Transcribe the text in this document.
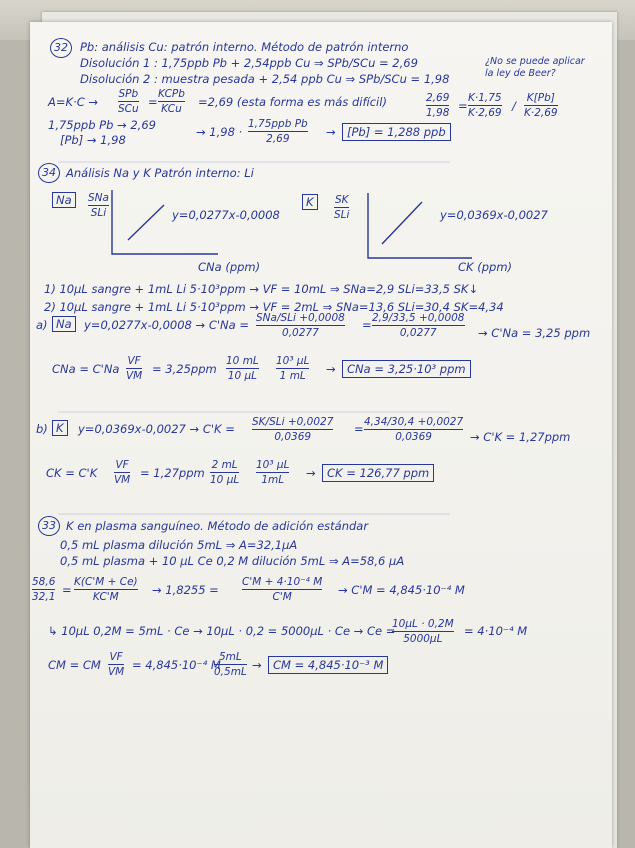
32	Pb: análisis Cu: patrón interno. Método de patrón interno
¿No se puede aplicar la ley de Beer?
Disolución 1 : 1,75ppb Pb + 2,54ppb Cu ⇒ SPb/SCu = 2,69
Disolución 2 : muestra pesada + 2,54 ppb Cu ⇒ SPb/SCu = 1,98
A=K·C →
SPb
SCu =
KCPb
KCu =2,69 (esta forma es más difícil)	2,69
1,98 =
K·1,75
K·2,69 /
K[Pb]
K·2,69
1,75ppb Pb → 2,69
[Pb] → 1,98
→ 1,98 ·
1,75ppb Pb
2,69	→ [Pb] = 1,288 ppb
34 Análisis Na y K Patrón interno: Li
Na	SNa
SLi	y=0,0277x-0,0008
CNa (ppm)
K	SK
SLi	y=0,0369x-0,0027
CK (ppm)
1) 10μL sangre + 1mL Li 5·10³ppm → VF = 10mL ⇒ SNa=2,9 SLi=33,5 SK↓
2) 10μL sangre + 1mL Li 5·10³ppm → VF = 2mL ⇒ SNa=13,6 SLi=30,4 SK=4,34
a) Na	y=0,0277x-0,0008 → C'Na = SNa/SLi +0,0008
0,0277
= 2,9/33,5 +0,0008
0,0277	→ C'Na = 3,25 ppm
CNa = C'Na
VF
VM = 3,25ppm
10 mL
10 μL
10³ μL
1 mL → CNa = 3,25·10³ ppm
b) K	y=0,0369x-0,0027 → C'K = SK/SLi +0,0027
0,0369
= 4,34/30,4 +0,0027
0,0369	→ C'K = 1,27ppm
CK = C'K
VF
VM = 1,27ppm
2 mL
10 μL
10³ μL
1mL → CK = 126,77 ppm
33 K en plasma sanguíneo. Método de adición estándar
0,5 mL plasma dilución 5mL ⇒ A=32,1μA
0,5 mL plasma + 10 μL Ce 0,2 M dilución 5mL ⇒ A=58,6 μA
58,6
32,1 =
K(C'M + Ce)
KC'M	→ 1,8255 =
C'M + 4·10⁻⁴ M
C'M	→ C'M = 4,845·10⁻⁴ M
↳ 10μL 0,2M = 5mL · Ce → 10μL · 0,2 = 5000μL · Ce → Ce =
10μL · 0,2M
5000μL
= 4·10⁻⁴ M
CM = CM
VF
VM = 4,845·10⁻⁴ M
5mL
0,5mL → CM = 4,845·10⁻³ M
